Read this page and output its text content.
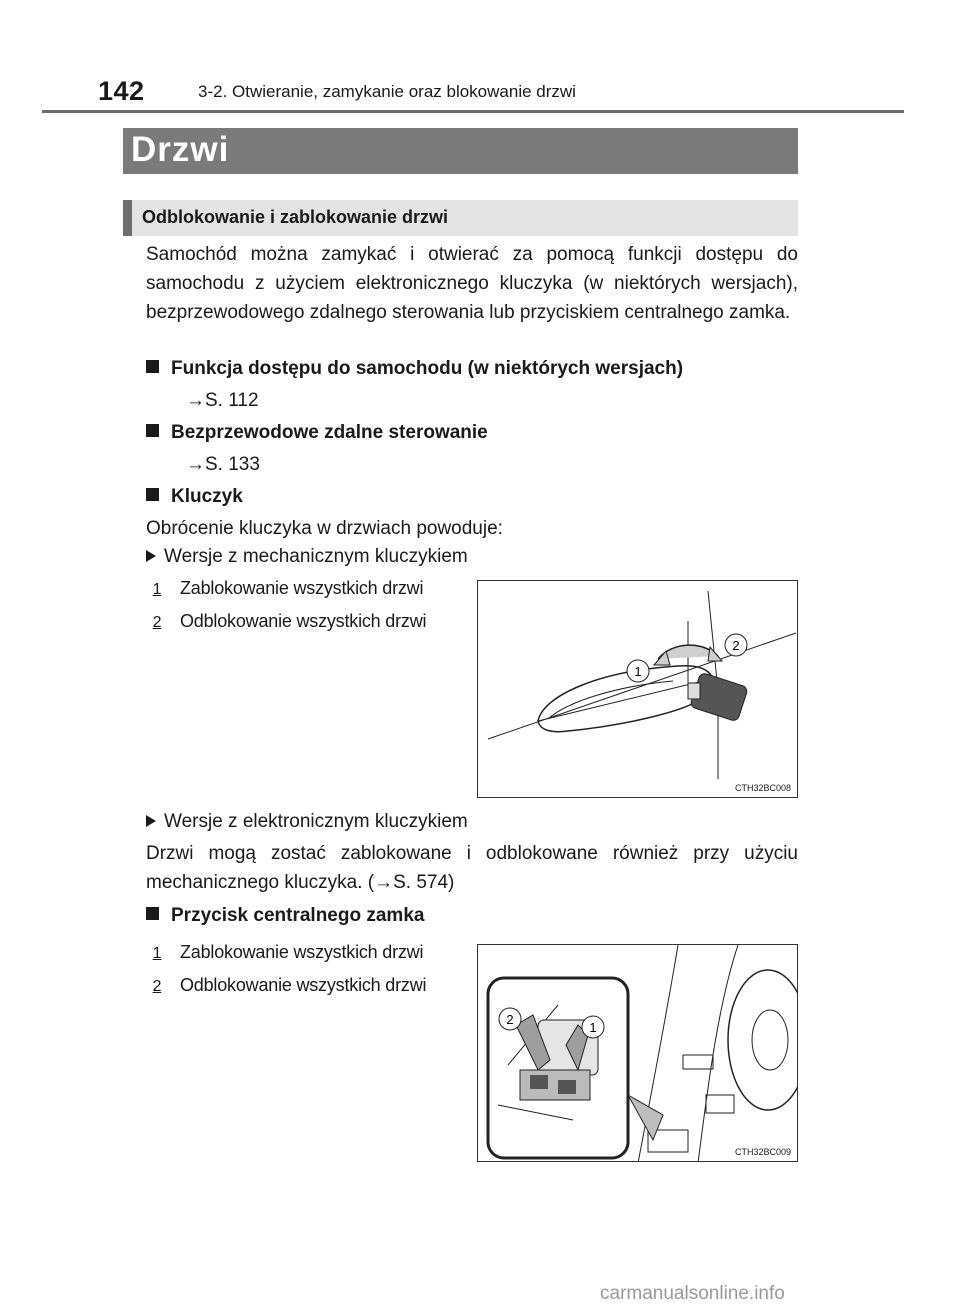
142	3-2. Otwieranie, zamykanie oraz blokowanie drzwi
Drzwi
Odblokowanie i zablokowanie drzwi
Samochód można zamykać i otwierać za pomocą funkcji dostępu do samochodu z użyciem elektronicznego kluczyka (w niektórych wersjach), bezprzewodowego zdalnego sterowania lub przyciskiem centralnego zamka.
Funkcja dostępu do samochodu (w niektórych wersjach)
→S. 112
Bezprzewodowe zdalne sterowanie
→S. 133
Kluczyk
Obrócenie kluczyka w drzwiach powoduje:
Wersje z mechanicznym kluczykiem
1 Zablokowanie wszystkich drzwi
2 Odblokowanie wszystkich drzwi
1
2
CTH32BC008
Wersje z elektronicznym kluczykiem
Drzwi mogą zostać zablokowane i odblokowane również przy użyciu mechanicznego kluczyka. (→S. 574)
Przycisk centralnego zamka
1 Zablokowanie wszystkich drzwi
2 Odblokowanie wszystkich drzwi
2
1
CTH32BC009
carmanualsonline.info
